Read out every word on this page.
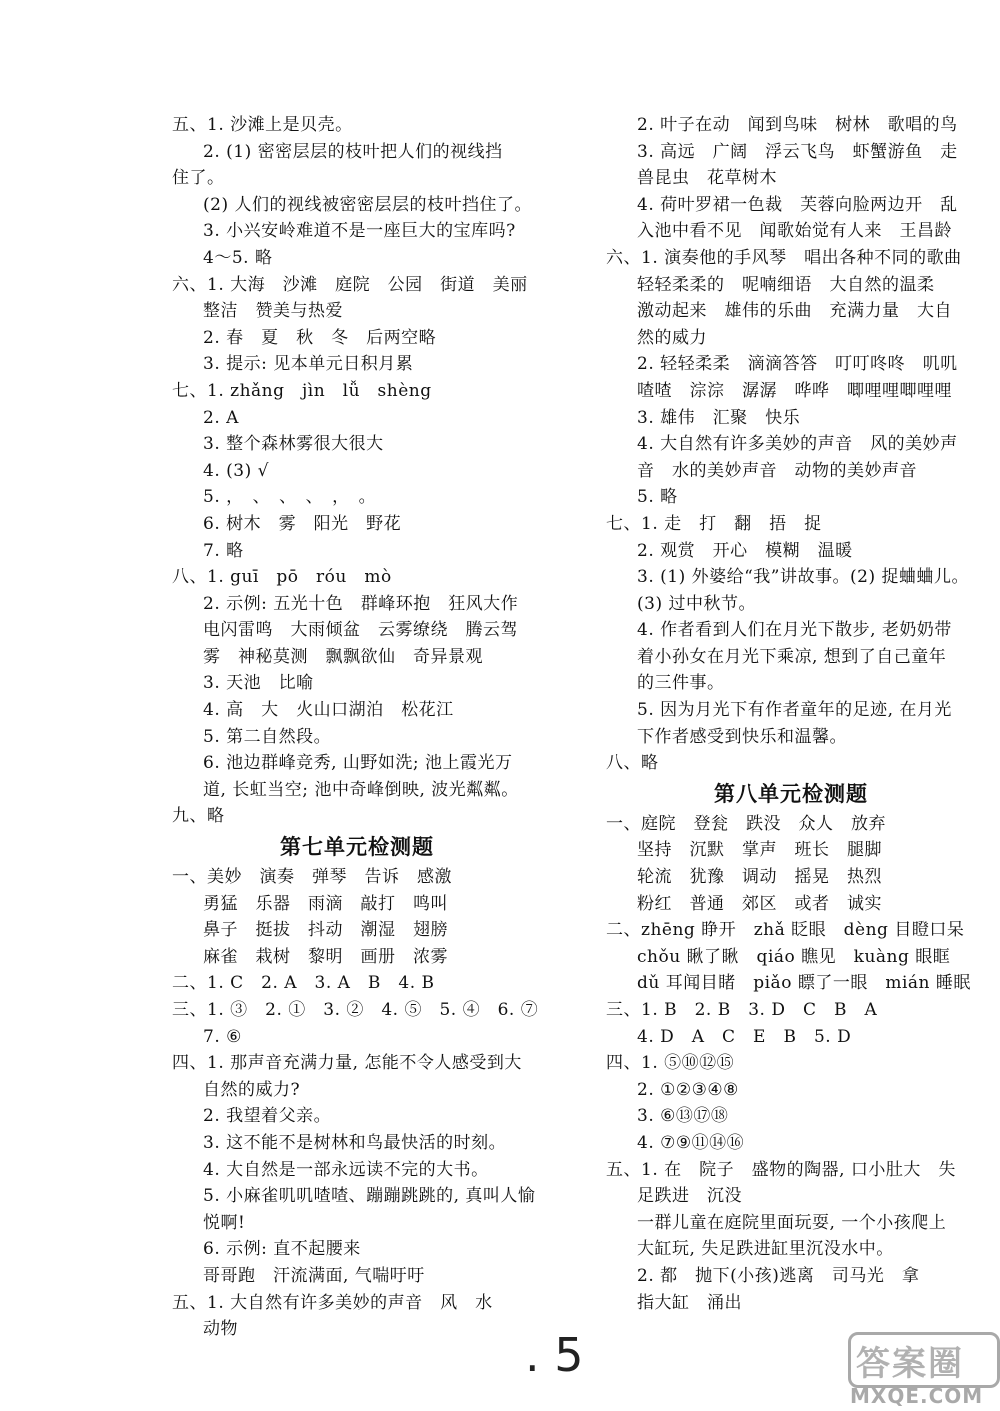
五、1. 沙滩上是贝壳。
2. (1) 密密层层的枝叶把人们的视线挡
住了。
(2) 人们的视线被密密层层的枝叶挡住了。
3. 小兴安岭难道不是一座巨大的宝库吗?
4～5. 略
六、1. 大海　沙滩　庭院　公园　街道　美丽
整洁　赞美与热爱
2. 春　夏　秋　冬　后两空略
3. 提示: 见本单元日积月累
七、1. zhǎng　jìn　lǚ　shèng
2. A
3. 整个森林雾很大很大
4. (3) √
5. ，　、　、　、　，　。
6. 树木　雾　阳光　野花
7. 略
八、1. guī　pō　róu　mò
2. 示例: 五光十色　群峰环抱　狂风大作
电闪雷鸣　大雨倾盆　云雾缭绕　腾云驾
雾　神秘莫测　飘飘欲仙　奇异景观
3. 天池　比喻
4. 高　大　火山口湖泊　松花江
5. 第二自然段。
6. 池边群峰竞秀, 山野如洗; 池上霞光万
道, 长虹当空; 池中奇峰倒映, 波光粼粼。
九、略
第七单元检测题
一、美妙　演奏　弹琴　告诉　感激
勇猛　乐器　雨滴　敲打　鸣叫
鼻子　挺拔　抖动　潮湿　翅膀
麻雀　栽树　黎明　画册　浓雾
二、1. C　2. A　3. A　B　4. B
三、1. ③　2. ①　3. ②　4. ⑤　5. ④　6. ⑦
7. ⑥
四、1. 那声音充满力量, 怎能不令人感受到大
自然的威力?
2. 我望着父亲。
3. 这不能不是树林和鸟最快活的时刻。
4. 大自然是一部永远读不完的大书。
5. 小麻雀叽叽喳喳、蹦蹦跳跳的, 真叫人愉
悦啊!
6. 示例: 直不起腰来
哥哥跑　汗流满面, 气喘吁吁
五、1. 大自然有许多美妙的声音　风　水
动物
2. 叶子在动　闻到鸟味　树林　歌唱的鸟
3. 高远　广阔　浮云飞鸟　虾蟹游鱼　走
兽昆虫　花草树木
4. 荷叶罗裙一色裁　芙蓉向脸两边开　乱
入池中看不见　闻歌始觉有人来　王昌龄
六、1. 演奏他的手风琴　唱出各种不同的歌曲
轻轻柔柔的　呢喃细语　大自然的温柔
激动起来　雄伟的乐曲　充满力量　大自
然的威力
2. 轻轻柔柔　滴滴答答　叮叮咚咚　叽叽
喳喳　淙淙　潺潺　哗哗　唧哩哩唧哩哩
3. 雄伟　汇聚　快乐
4. 大自然有许多美妙的声音　风的美妙声
音　水的美妙声音　动物的美妙声音
5. 略
七、1. 走　打　翻　捂　捉
2. 观赏　开心　模糊　温暖
3. (1) 外婆给“我”讲故事。(2) 捉蛐蛐儿。
(3) 过中秋节。
4. 作者看到人们在月光下散步, 老奶奶带
着小孙女在月光下乘凉, 想到了自己童年
的三件事。
5. 因为月光下有作者童年的足迹, 在月光
下作者感受到快乐和温馨。
八、略
第八单元检测题
一、庭院　登瓮　跌没　众人　放弃
坚持　沉默　掌声　班长　腿脚
轮流　犹豫　调动　摇晃　热烈
粉红　普通　郊区　或者　诚实
二、zhēng 睁开　zhǎ 眨眼　dèng 目瞪口呆
chǒu 瞅了瞅　qiáo 瞧见　kuàng 眼眶
dǔ 耳闻目睹　piǎo 瞟了一眼　mián 睡眠
三、1. B　2. B　3. D　C　B　A
4. D　A　C　E　B　5. D
四、1. ⑤⑩⑫⑮
2. ①②③④⑧
3. ⑥⑬⑰⑱
4. ⑦⑨⑪⑭⑯
五、1. 在　院子　盛物的陶器, 口小肚大　失
足跌进　沉没
一群儿童在庭院里面玩耍, 一个小孩爬上
大缸玩, 失足跌进缸里沉没水中。
2. 都　抛下(小孩)逃离　司马光　拿
指大缸　涌出
. 5	答案圈
MXQE.COM
